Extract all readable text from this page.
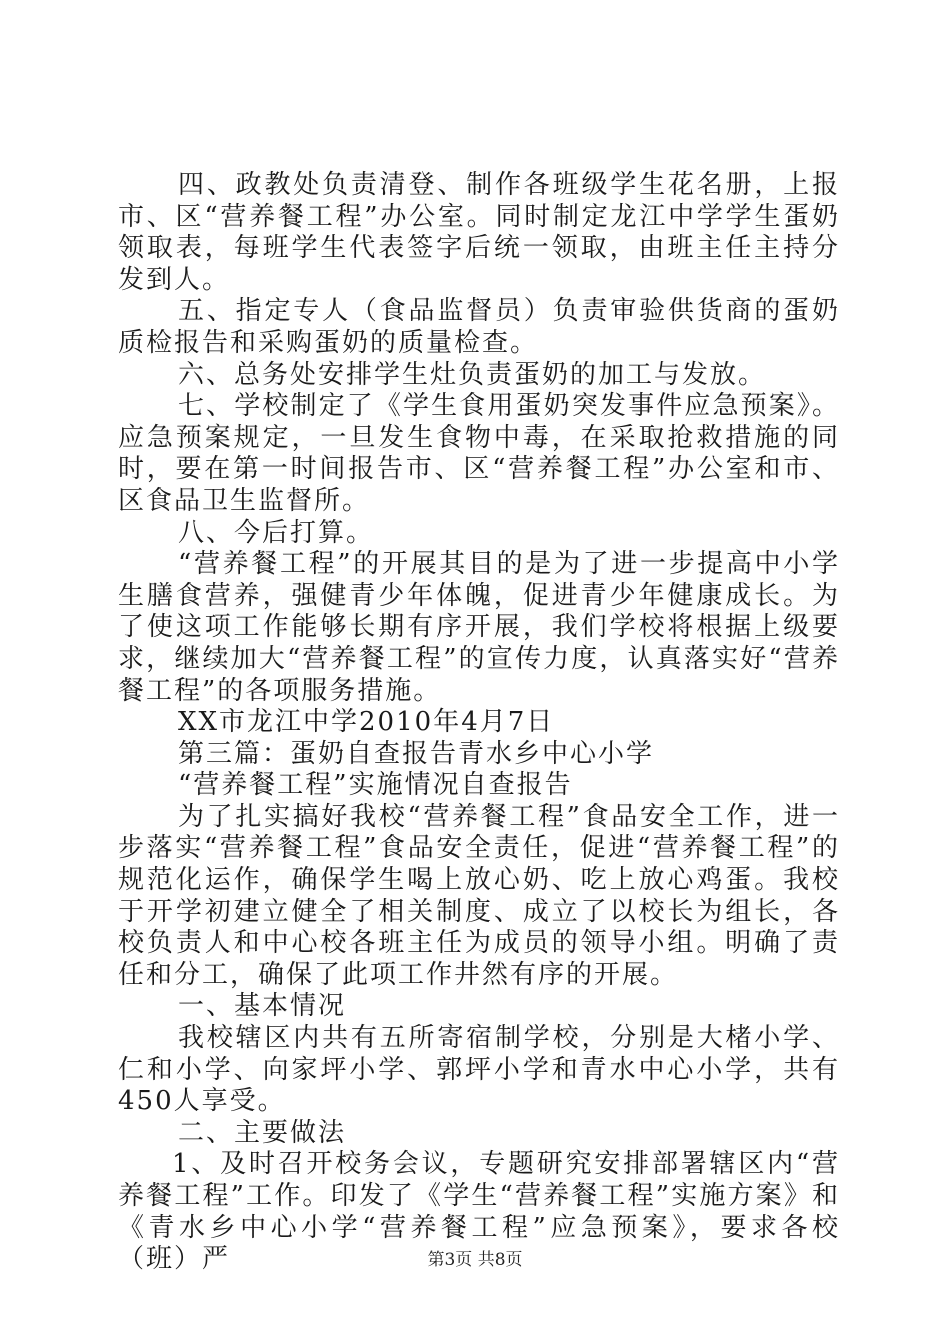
四、政教处负责清登、制作各班级学生花名册，上报市、区“营养餐工程”办公室。同时制定龙江中学学生蛋奶领取表，每班学生代表签字后统一领取，由班主任主持分发到人。

五、指定专人（食品监督员）负责审验供货商的蛋奶质检报告和采购蛋奶的质量检查。

六、总务处安排学生灶负责蛋奶的加工与发放。

七、学校制定了《学生食用蛋奶突发事件应急预案》。应急预案规定，一旦发生食物中毒，在采取抢救措施的同时，要在第一时间报告市、区“营养餐工程”办公室和市、区食品卫生监督所。

八、今后打算。

“营养餐工程”的开展其目的是为了进一步提高中小学生膳食营养，强健青少年体魄，促进青少年健康成长。为了使这项工作能够长期有序开展，我们学校将根据上级要求，继续加大“营养餐工程”的宣传力度，认真落实好“营养餐工程”的各项服务措施。

XX市龙江中学2010年4月7日

第三篇：蛋奶自查报告青水乡中心小学

“营养餐工程”实施情况自查报告

为了扎实搞好我校“营养餐工程”食品安全工作，进一步落实“营养餐工程”食品安全责任，促进“营养餐工程”的规范化运作，确保学生喝上放心奶、吃上放心鸡蛋。我校于开学初建立健全了相关制度、成立了以校长为组长，各校负责人和中心校各班主任为成员的领导小组。明确了责任和分工，确保了此项工作井然有序的开展。

一、基本情况

我校辖区内共有五所寄宿制学校，分别是大楮小学、仁和小学、向家坪小学、郭坪小学和青水中心小学，共有450人享受。

二、主要做法

1、及时召开校务会议，专题研究安排部署辖区内“营养餐工程”工作。印发了《学生“营养餐工程”实施方案》和《青水乡中心小学“营养餐工程”应急预案》，要求各校（班）严	第3页 共8页
